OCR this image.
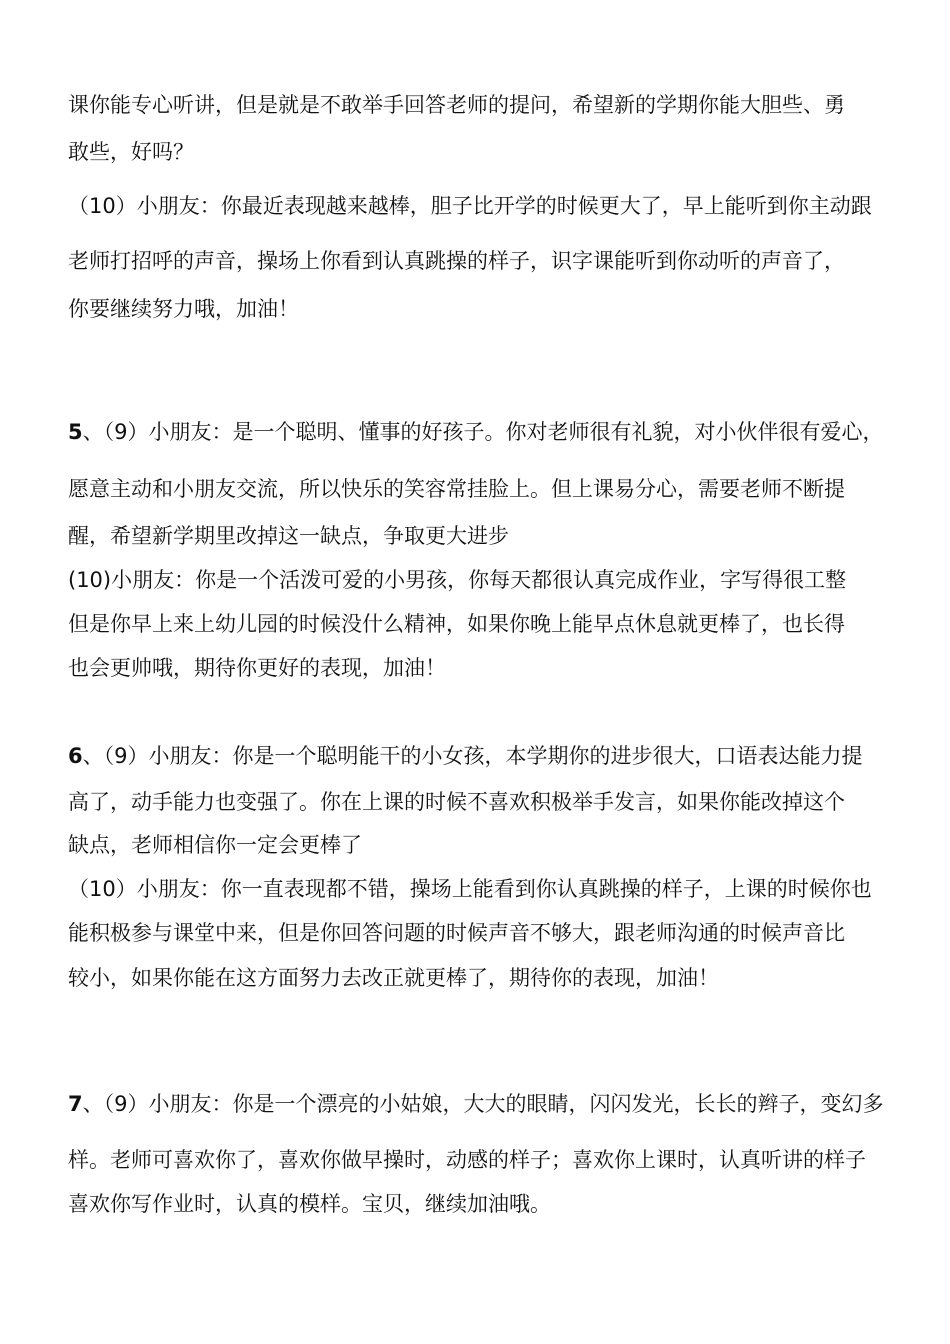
课你能专心听讲，但是就是不敢举手回答老师的提问，希望新的学期你能大胆些、勇
敢些，好吗？
（10）小朋友：你最近表现越来越棒，胆子比开学的时候更大了，早上能听到你主动跟
老师打招呼的声音，操场上你看到认真跳操的样子，识字课能听到你动听的声音了，
你要继续努力哦，加油！
5、（9）小朋友：是一个聪明、懂事的好孩子。你对老师很有礼貌，对小伙伴很有爱心，
愿意主动和小朋友交流，所以快乐的笑容常挂脸上。但上课易分心，需要老师不断提
醒，希望新学期里改掉这一缺点，争取更大进步
(10)小朋友：你是一个活泼可爱的小男孩，你每天都很认真完成作业，字写得很工整
但是你早上来上幼儿园的时候没什么精神，如果你晚上能早点休息就更棒了，也长得
也会更帅哦，期待你更好的表现，加油！
6、（9）小朋友：你是一个聪明能干的小女孩，本学期你的进步很大，口语表达能力提
高了，动手能力也变强了。你在上课的时候不喜欢积极举手发言，如果你能改掉这个
缺点，老师相信你一定会更棒了
（10）小朋友：你一直表现都不错，操场上能看到你认真跳操的样子，上课的时候你也
能积极参与课堂中来，但是你回答问题的时候声音不够大，跟老师沟通的时候声音比
较小，如果你能在这方面努力去改正就更棒了，期待你的表现，加油！
7、（9）小朋友：你是一个漂亮的小姑娘，大大的眼睛，闪闪发光，长长的辫子，变幻多
样。老师可喜欢你了，喜欢你做早操时，动感的样子；喜欢你上课时，认真听讲的样子
喜欢你写作业时，认真的模样。宝贝，继续加油哦。
